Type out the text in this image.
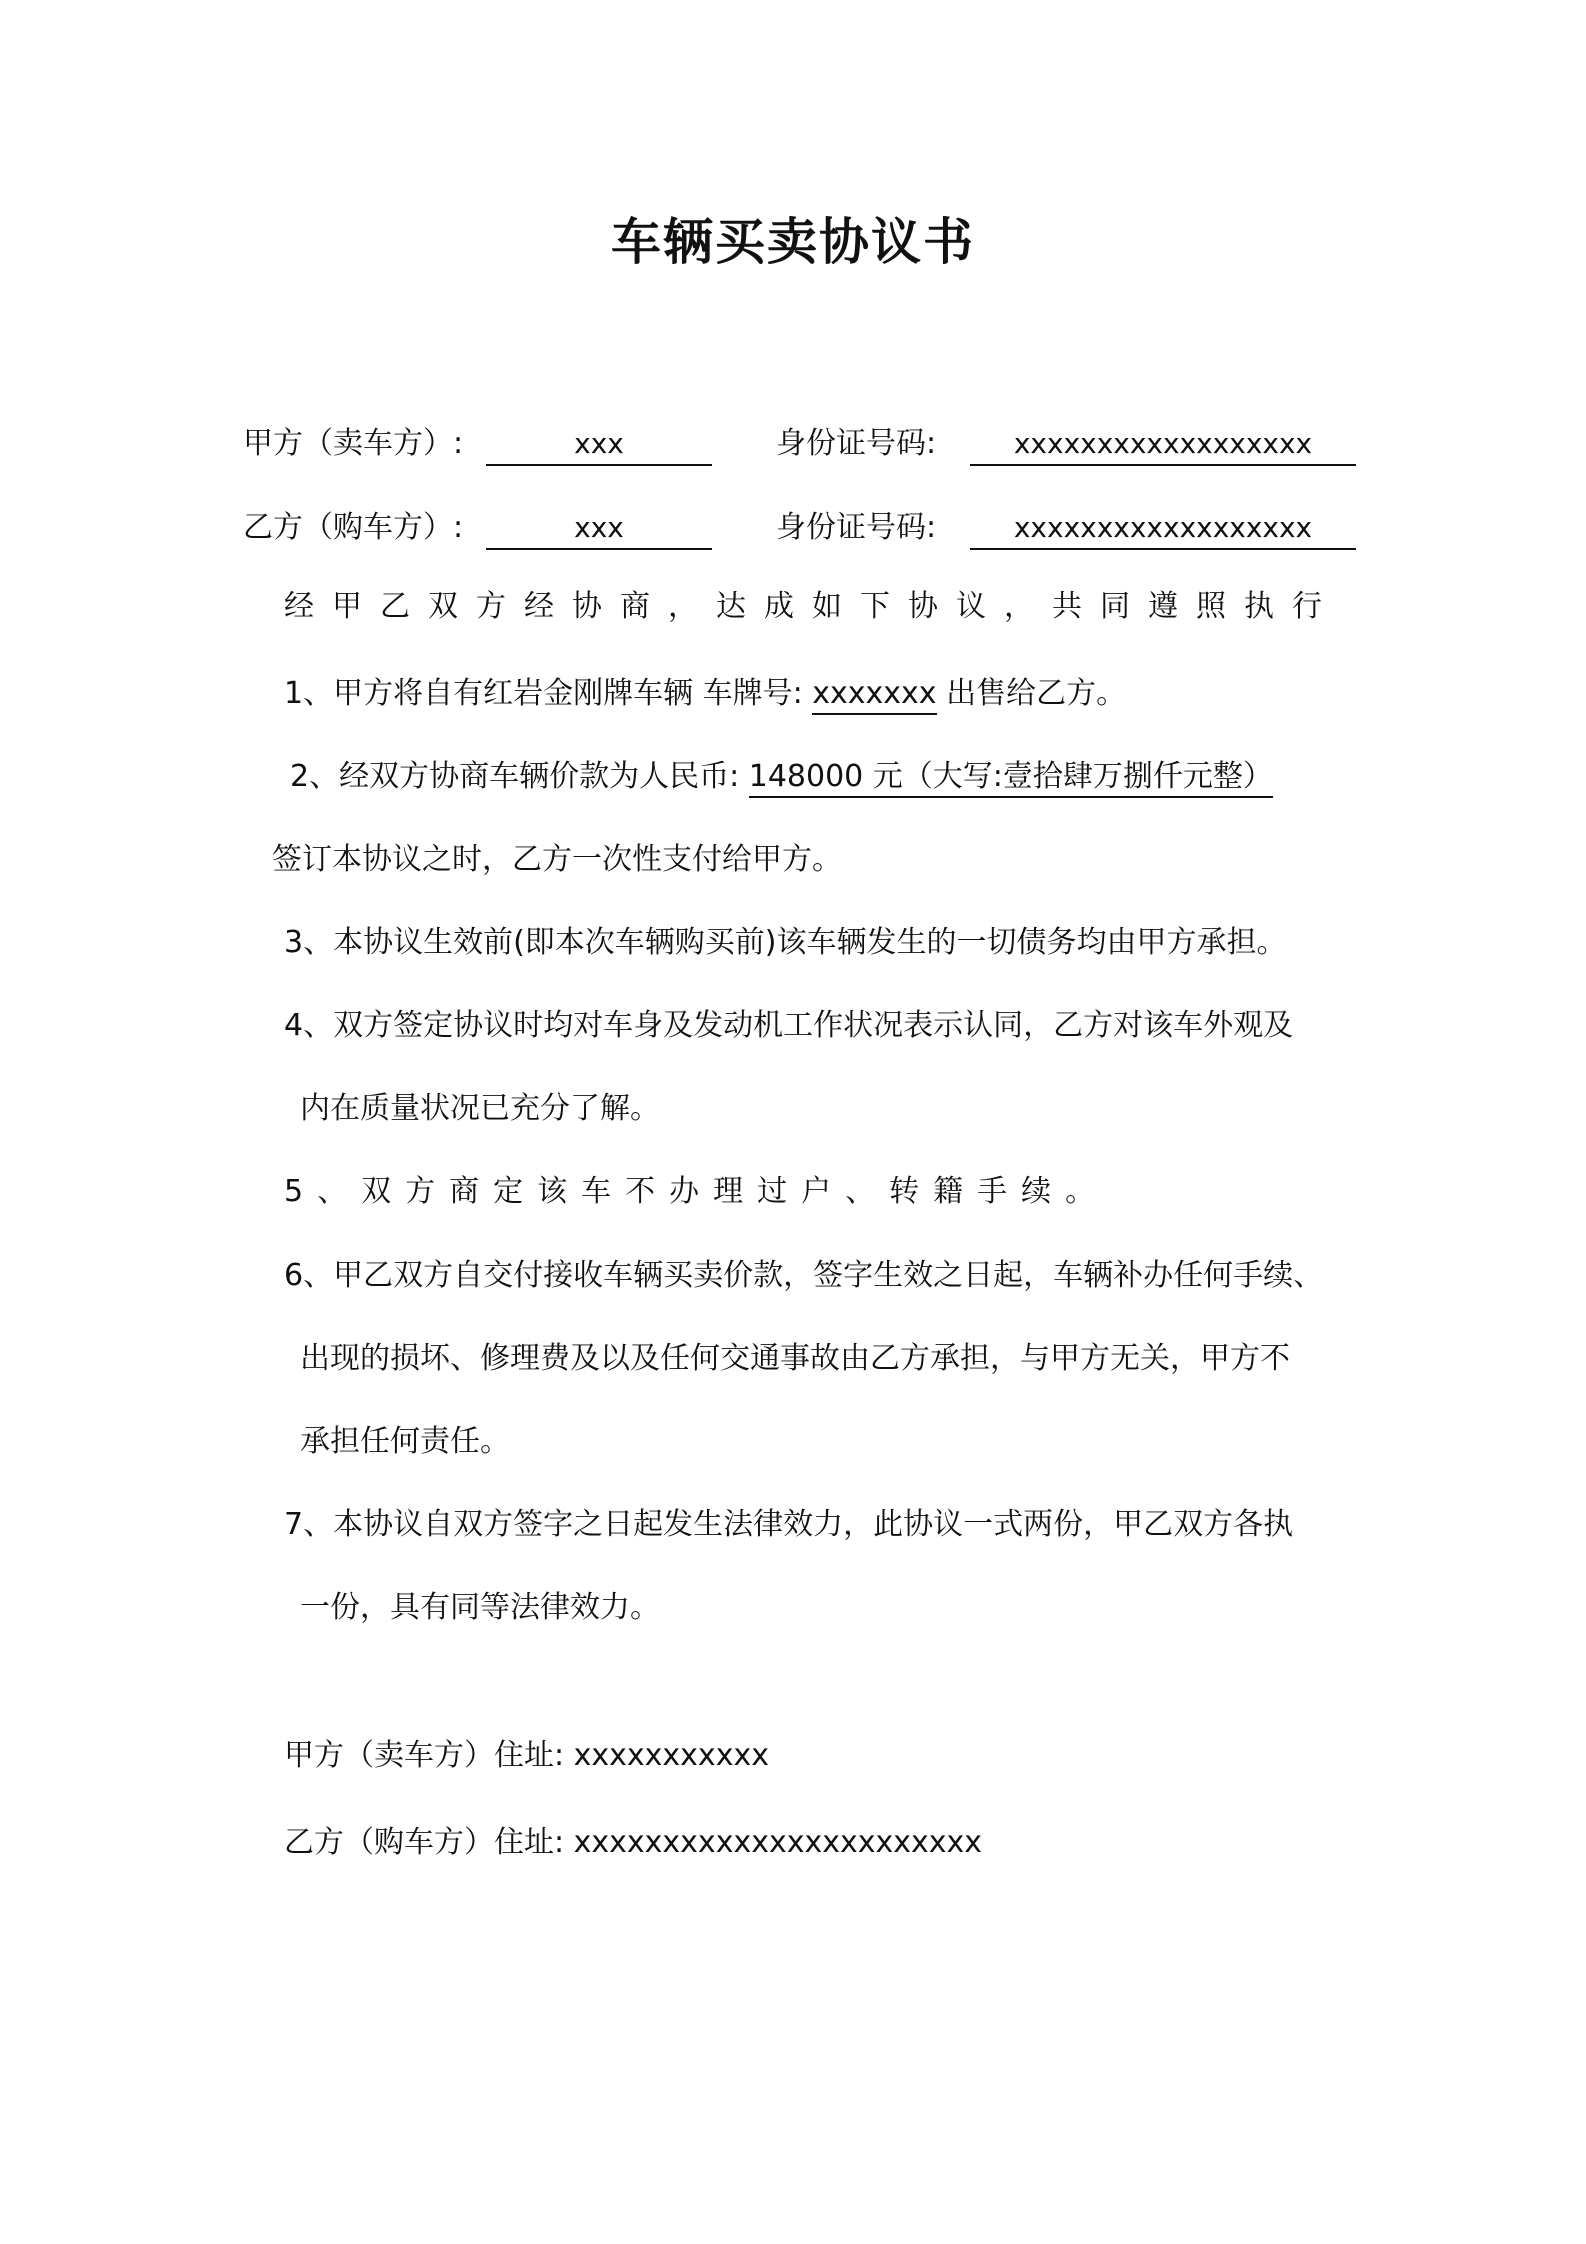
车辆买卖协议书
甲方（卖车方）:	xxx	身份证号码:	xxxxxxxxxxxxxxxxxx
乙方（购车方）:	xxx	身份证号码:	xxxxxxxxxxxxxxxxxx
经甲乙双方经协商，达成如下协议，共同遵照执行
1、甲方将自有红岩金刚牌车辆 车牌号: xxxxxxx 出售给乙方。
2、经双方协商车辆价款为人民币: 148000 元（大写:壹拾肆万捌仟元整）
签订本协议之时，乙方一次性支付给甲方。
3、本协议生效前(即本次车辆购买前)该车辆发生的一切债务均由甲方承担。
4、双方签定协议时均对车身及发动机工作状况表示认同，乙方对该车外观及
内在质量状况已充分了解。
5、双方商定该车不办理过户、转籍手续。
6、甲乙双方自交付接收车辆买卖价款，签字生效之日起，车辆补办任何手续、
出现的损坏、修理费及以及任何交通事故由乙方承担，与甲方无关，甲方不
承担任何责任。
7、本协议自双方签字之日起发生法律效力，此协议一式两份，甲乙双方各执
一份，具有同等法律效力。
甲方（卖车方）住址: xxxxxxxxxxx
乙方（购车方）住址: xxxxxxxxxxxxxxxxxxxxxxx
